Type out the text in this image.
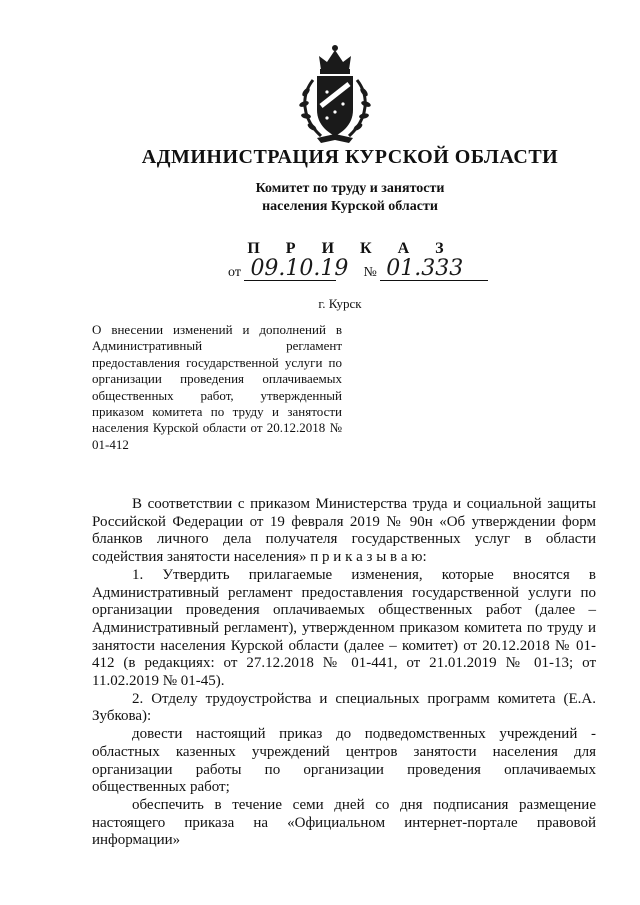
АДМИНИСТРАЦИЯ КУРСКОЙ ОБЛАСТИ
Комитет по труду и занятости
населения Курской области
П Р И К А З
от 09.10.19 № 01.333
г. Курск
О внесении изменений и дополнений в Административный регламент предоставления государственной услуги по организации проведения оплачиваемых общественных работ, утвержденный приказом комитета по труду и занятости населения Курской области от 20.12.2018 № 01-412

В соответствии с приказом Министерства труда и социальной защиты Российской Федерации от 19 февраля 2019 № 90н «Об утверждении форм бланков личного дела получателя государственных услуг в области содействия занятости населения» п р и к а з ы в а ю:

1. Утвердить прилагаемые изменения, которые вносятся в Административный регламент предоставления государственной услуги по организации проведения оплачиваемых общественных работ (далее – Административный регламент), утвержденном приказом комитета по труду и занятости населения Курской области (далее – комитет) от 20.12.2018 № 01-412 (в редакциях: от 27.12.2018 № 01-441, от 21.01.2019 № 01-13; от 11.02.2019 № 01-45).

2. Отделу трудоустройства и специальных программ комитета (Е.А. Зубкова):

довести настоящий приказ до подведомственных учреждений - областных казенных учреждений центров занятости населения для организации работы по организации проведения оплачиваемых общественных работ;

обеспечить в течение семи дней со дня подписания размещение настоящего приказа на «Официальном интернет-портале правовой информации»
